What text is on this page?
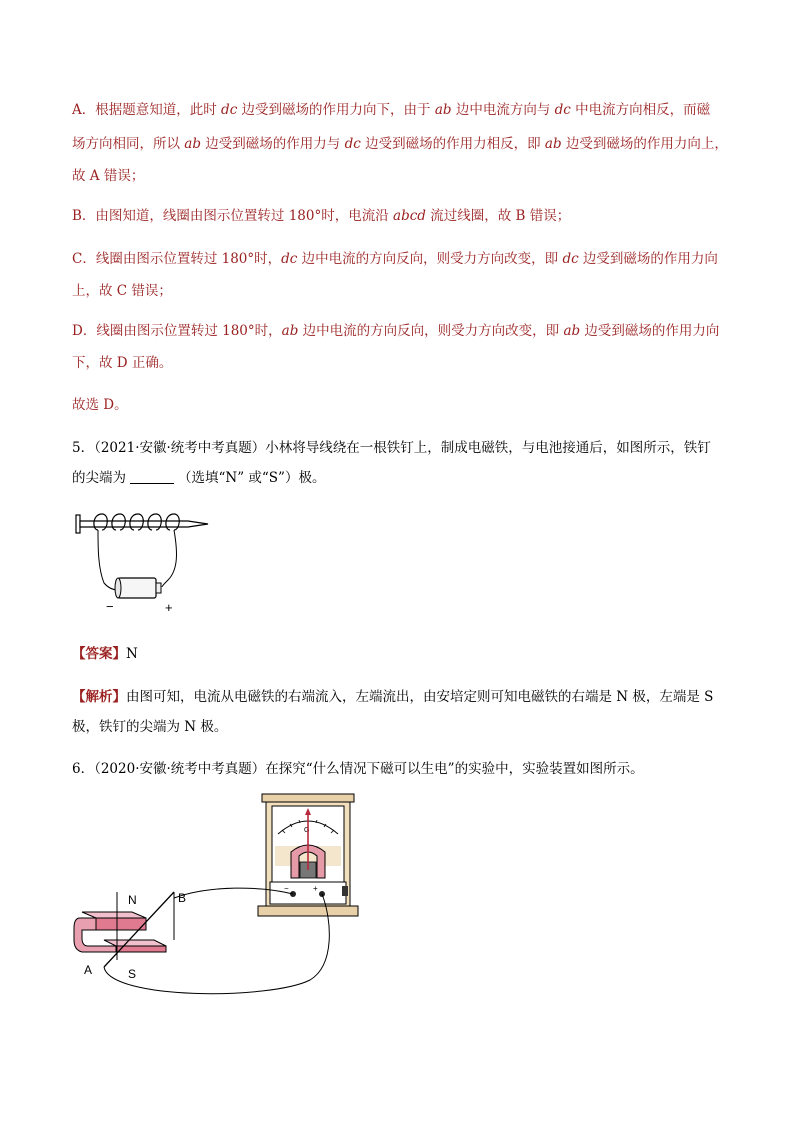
A．根据题意知道，此时 dc 边受到磁场的作用力向下，由于 ab 边中电流方向与 dc 中电流方向相反，而磁
场方向相同，所以 ab 边受到磁场的作用力与 dc 边受到磁场的作用力相反，即 ab 边受到磁场的作用力向上，
故 A 错误；
B．由图知道，线圈由图示位置转过 180°时，电流沿 abcd 流过线圈，故 B 错误；
C．线圈由图示位置转过 180°时，dc 边中电流的方向反向，则受力方向改变，即 dc 边受到磁场的作用力向
上，故 C 错误；
D．线圈由图示位置转过 180°时，ab 边中电流的方向反向，则受力方向改变，即 ab 边受到磁场的作用力向
下，故 D 正确。
故选 D。
5．（2021·安徽·统考中考真题）小林将导线绕在一根铁钉上，制成电磁铁，与电池接通后，如图所示，铁钉
的尖端为	（选填“N” 或“S”）极。
−	+
【答案】N
【解析】由图可知，电流从电磁铁的右端流入，左端流出，由安培定则可知电磁铁的右端是 N 极，左端是 S
极，铁钉的尖端为 N 极。
6．（2020·安徽·统考中考真题）在探究“什么情况下磁可以生电”的实验中，实验装置如图所示。
G
−	+
N
S
A
B
